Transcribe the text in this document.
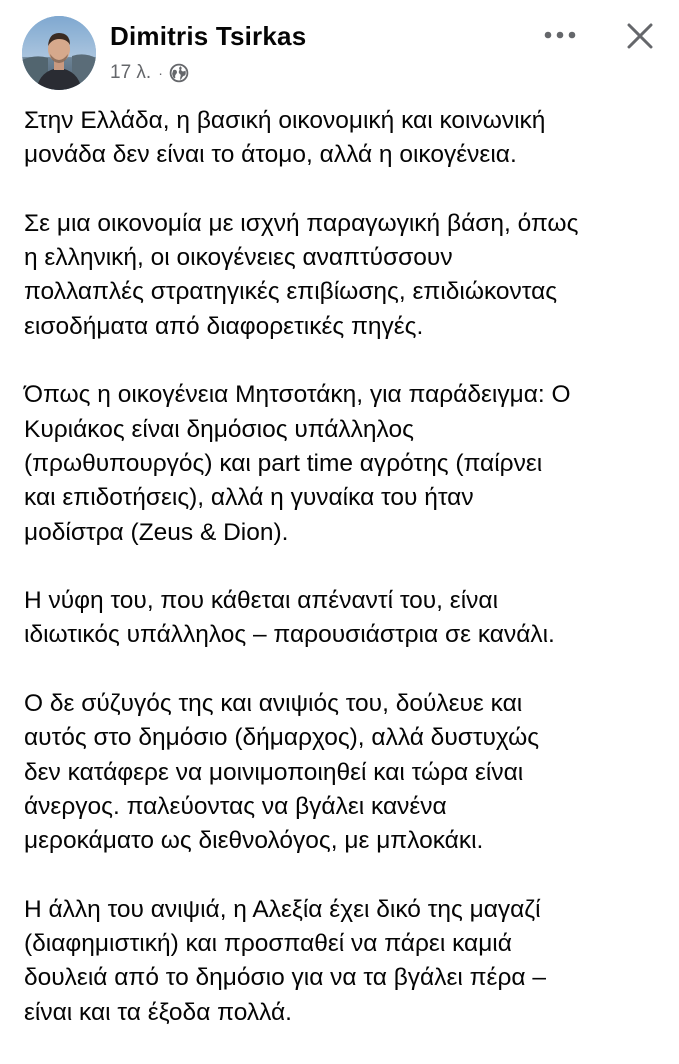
Dimitris Tsirkas
17 λ. ·

Στην Ελλάδα, η βασική οικονομική και κοινωνική
μονάδα δεν είναι το άτομο, αλλά η οικογένεια.

Σε μια οικονομία με ισχνή παραγωγική βάση, όπως
η ελληνική, οι οικογένειες αναπτύσσουν
πολλαπλές στρατηγικές επιβίωσης, επιδιώκοντας
εισοδήματα από διαφορετικές πηγές.

Όπως η οικογένεια Μητσοτάκη, για παράδειγμα: Ο
Κυριάκος είναι δημόσιος υπάλληλος
(πρωθυπουργός) και part time αγρότης (παίρνει
και επιδοτήσεις), αλλά η γυναίκα του ήταν
μοδίστρα (Zeus & Dion).

Η νύφη του, που κάθεται απέναντί του, είναι
ιδιωτικός υπάλληλος – παρουσιάστρια σε κανάλι.

Ο δε σύζυγός της και ανιψιός του, δούλευε και
αυτός στο δημόσιο (δήμαρχος), αλλά δυστυχώς
δεν κατάφερε να μοινιμοποιηθεί και τώρα είναι
άνεργος. παλεύοντας να βγάλει κανένα
μεροκάματο ως διεθνολόγος, με μπλοκάκι.

Η άλλη του ανιψιά, η Αλεξία έχει δικό της μαγαζί
(διαφημιστική) και προσπαθεί να πάρει καμιά
δουλειά από το δημόσιο για να τα βγάλει πέρα –
είναι και τα έξοδα πολλά.
